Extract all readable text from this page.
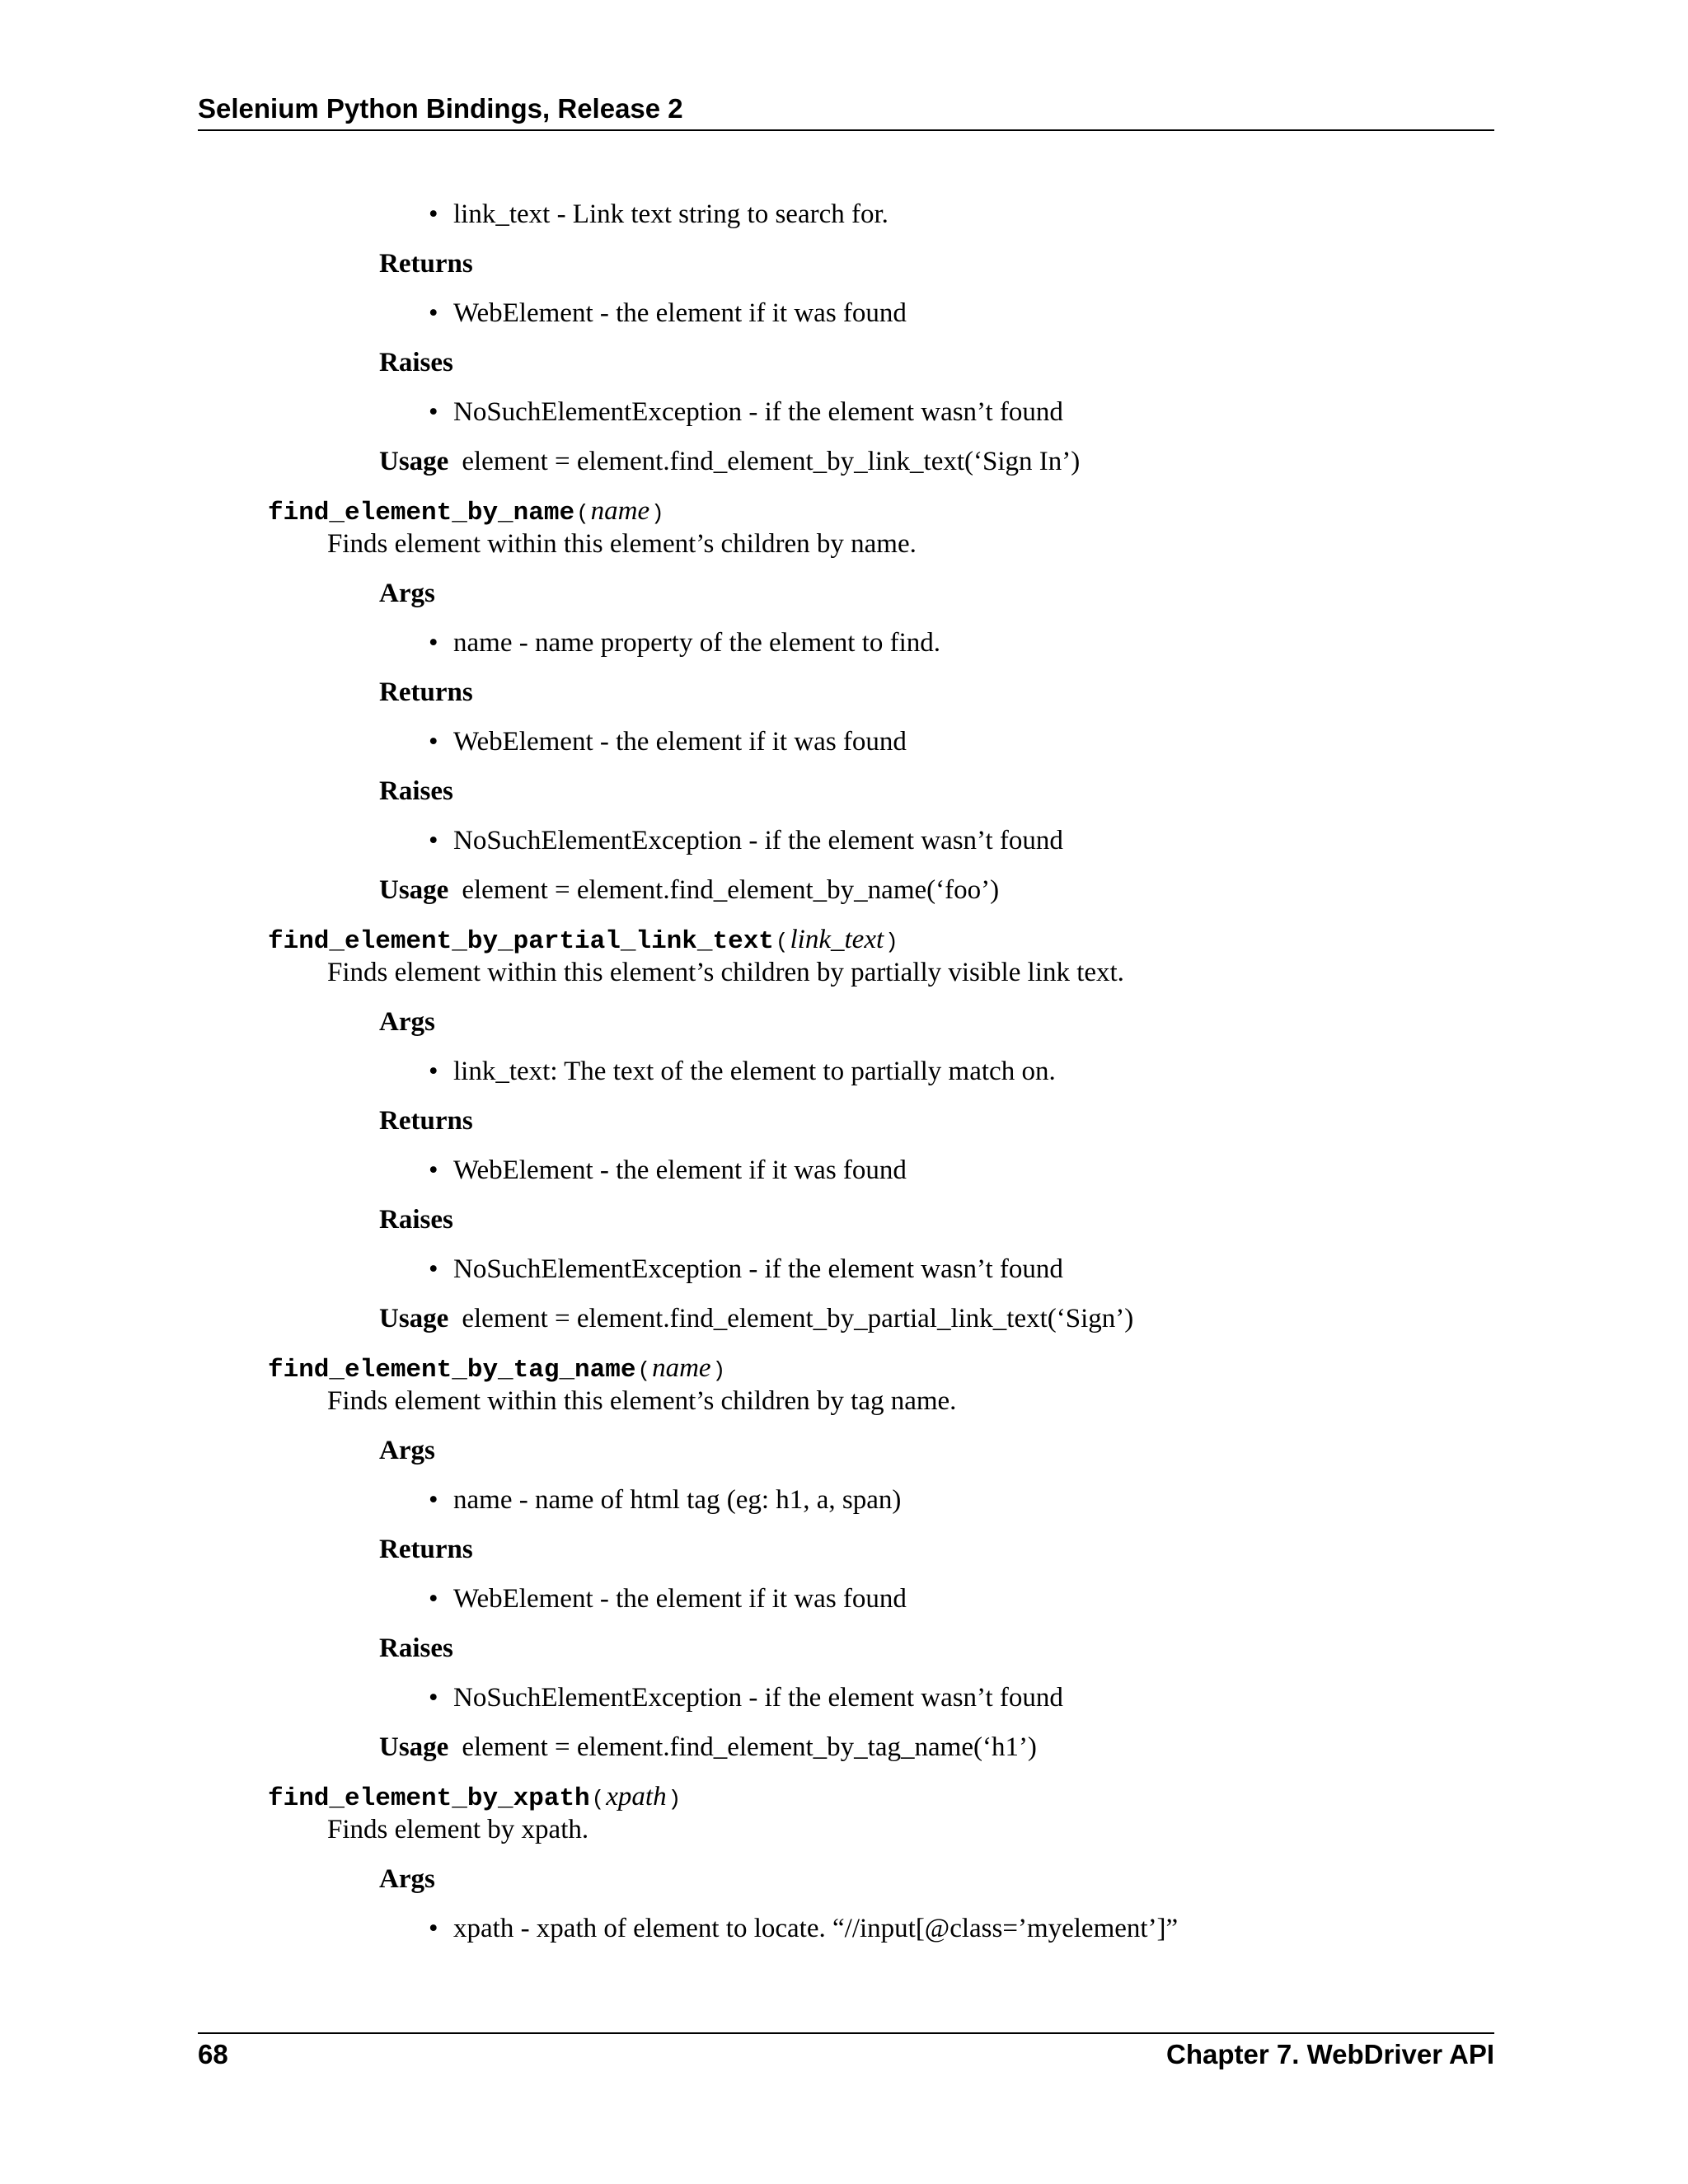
Selenium Python Bindings, Release 2
• link_text - Link text string to search for.
Returns
• WebElement - the element if it was found
Raises
• NoSuchElementException - if the element wasn’t found
Usage element = element.find_element_by_link_text(‘Sign In’)
find_element_by_name(name)
Finds element within this element’s children by name.
Args
• name - name property of the element to find.
Returns
• WebElement - the element if it was found
Raises
• NoSuchElementException - if the element wasn’t found
Usage element = element.find_element_by_name(‘foo’)
find_element_by_partial_link_text(link_text)
Finds element within this element’s children by partially visible link text.
Args
• link_text: The text of the element to partially match on.
Returns
• WebElement - the element if it was found
Raises
• NoSuchElementException - if the element wasn’t found
Usage element = element.find_element_by_partial_link_text(‘Sign’)
find_element_by_tag_name(name)
Finds element within this element’s children by tag name.
Args
• name - name of html tag (eg: h1, a, span)
Returns
• WebElement - the element if it was found
Raises
• NoSuchElementException - if the element wasn’t found
Usage element = element.find_element_by_tag_name(‘h1’)
find_element_by_xpath(xpath)
Finds element by xpath.
Args
• xpath - xpath of element to locate. “//input[@class=’myelement’]”
68	Chapter 7. WebDriver API
